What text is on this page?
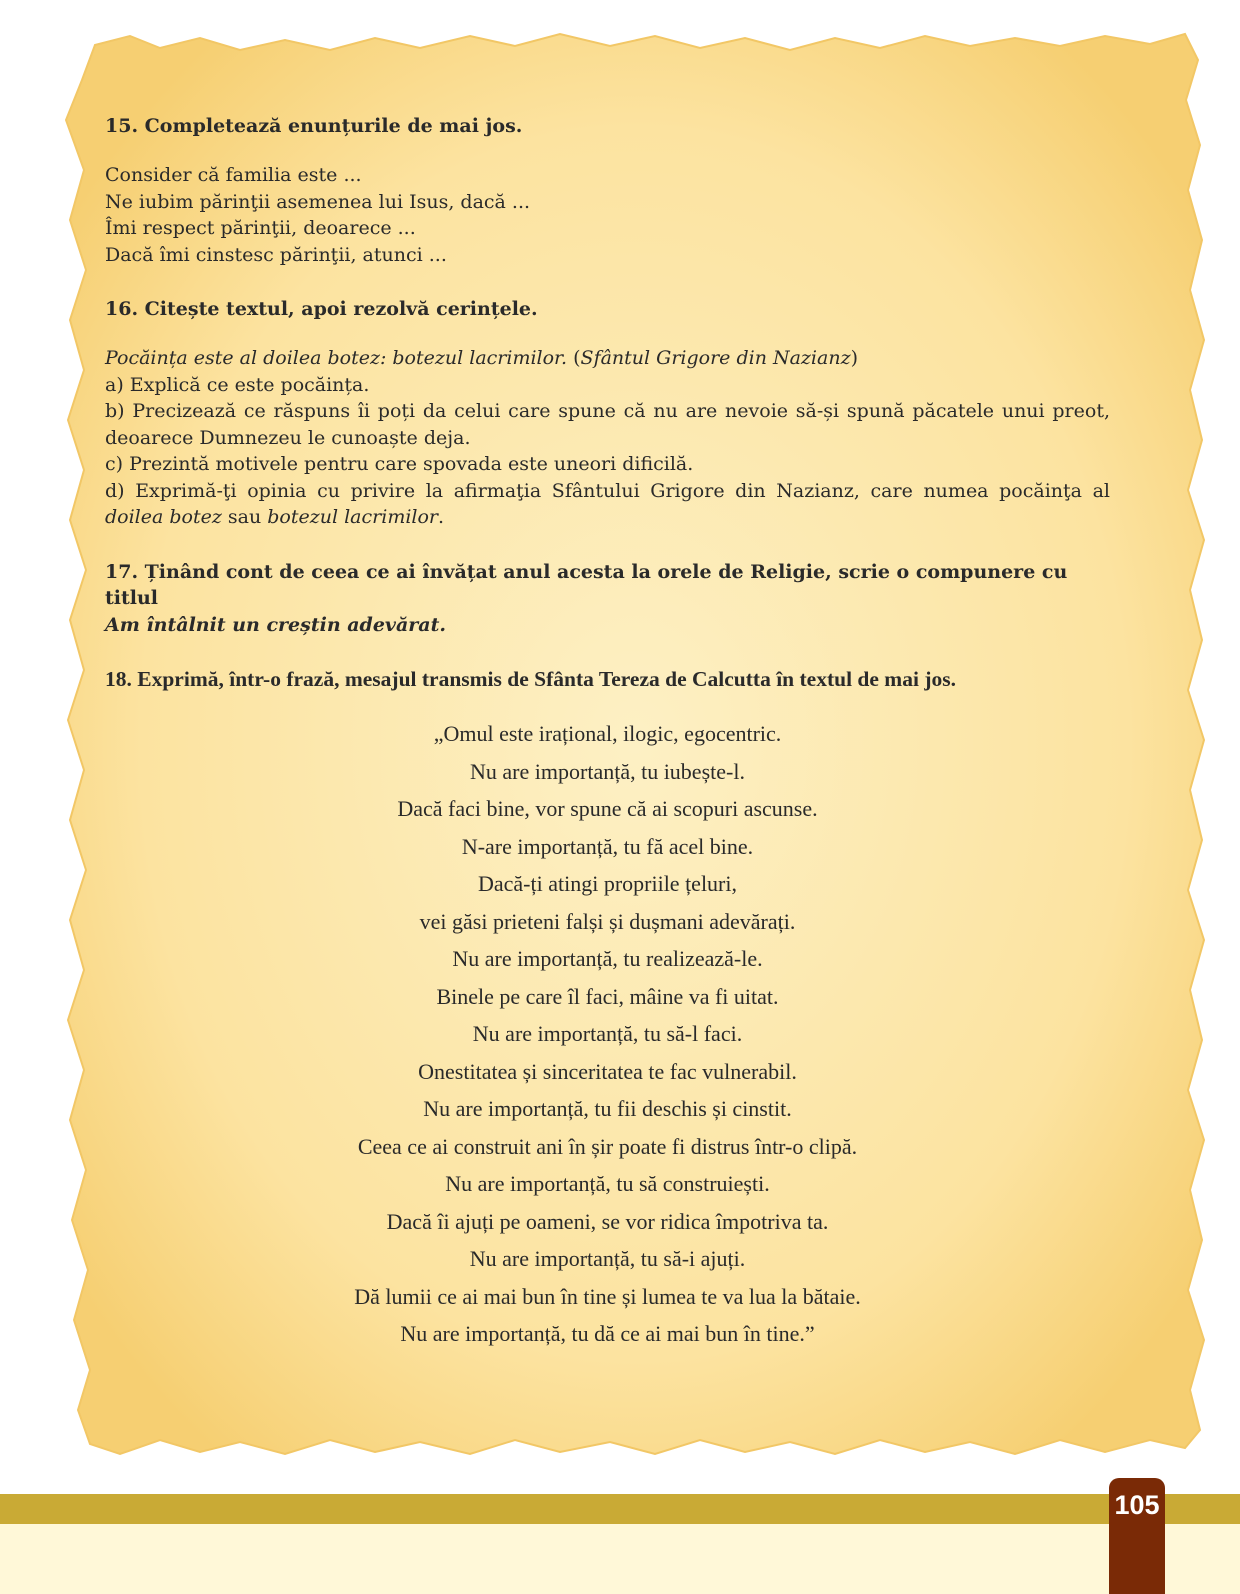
15. Completează enunțurile de mai jos.
Consider că familia este ...
Ne iubim părinţii asemenea lui Isus, dacă ...
Îmi respect părinţii, deoarece ...
Dacă îmi cinstesc părinţii, atunci ...
16. Citește textul, apoi rezolvă cerințele.
Pocăința este al doilea botez: botezul lacrimilor. (Sfântul Grigore din Nazianz)
a) Explică ce este pocăința.
b) Precizează ce răspuns îi poți da celui care spune că nu are nevoie să-și spună păcatele unui preot, deoarece Dumnezeu le cunoaște deja.
c) Prezintă motivele pentru care spovada este uneori dificilă.
d) Exprimă-ţi opinia cu privire la afirmaţia Sfântului Grigore din Nazianz, care numea pocăinţa al doilea botez sau botezul lacrimilor.
17. Ținând cont de ceea ce ai învățat anul acesta la orele de Religie, scrie o compunere cu titlul
Am întâlnit un creștin adevărat.
18. Exprimă, într-o frază, mesajul transmis de Sfânta Tereza de Calcutta în textul de mai jos.
„Omul este irațional, ilogic, egocentric.
Nu are importanță, tu iubește-l.
Dacă faci bine, vor spune că ai scopuri ascunse.
N-are importanță, tu fă acel bine.
Dacă-ți atingi propriile țeluri,
vei găsi prieteni falși și dușmani adevărați.
Nu are importanță, tu realizează-le.
Binele pe care îl faci, mâine va fi uitat.
Nu are importanță, tu să-l faci.
Onestitatea și sinceritatea te fac vulnerabil.
Nu are importanță, tu fii deschis și cinstit.
Ceea ce ai construit ani în șir poate fi distrus într-o clipă.
Nu are importanță, tu să construiești.
Dacă îi ajuți pe oameni, se vor ridica împotriva ta.
Nu are importanță, tu să-i ajuți.
Dă lumii ce ai mai bun în tine și lumea te va lua la bătaie.
Nu are importanță, tu dă ce ai mai bun în tine.”
105
